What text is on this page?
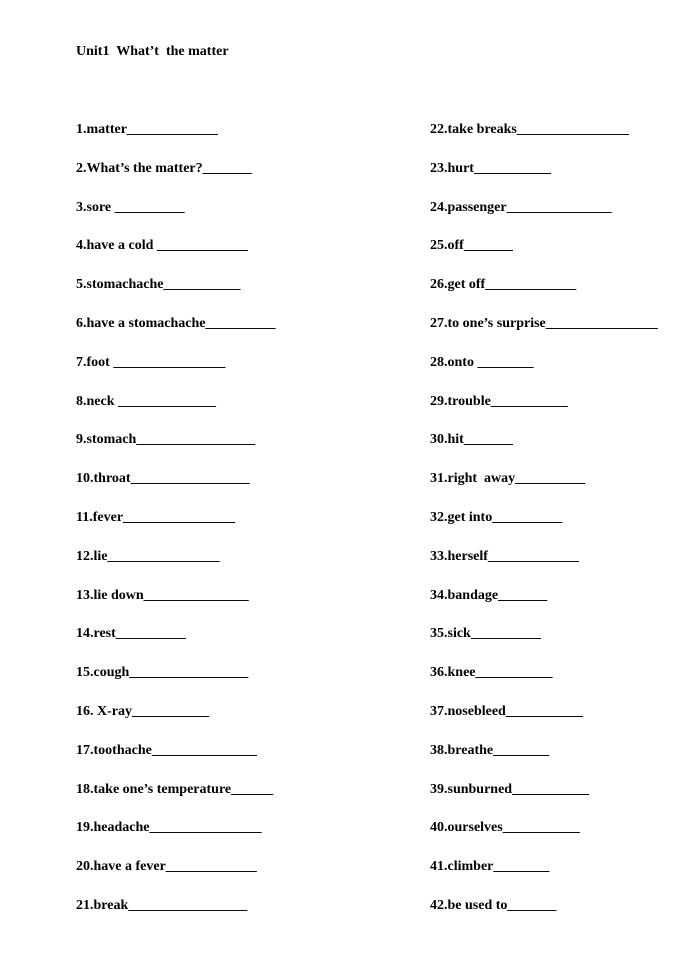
Unit1  What’t  the matter
1.matter_____________
2.What’s the matter?_______
3.sore __________
4.have a cold _____________
5.stomachache___________
6.have a stomachache__________
7.foot ________________
8.neck ______________
9.stomach_________________
10.throat_________________
11.fever________________
12.lie________________
13.lie down_______________
14.rest__________
15.cough_________________
16. X-ray___________
17.toothache_______________
18.take one’s temperature______
19.headache________________
20.have a fever_____________
21.break_________________
22.take breaks________________
23.hurt___________
24.passenger_______________
25.off_______
26.get off_____________
27.to one’s surprise________________
28.onto ________
29.trouble___________
30.hit_______
31.right  away__________
32.get into__________
33.herself_____________
34.bandage_______
35.sick__________
36.knee___________
37.nosebleed___________
38.breathe________
39.sunburned___________
40.ourselves___________
41.climber________
42.be used to_______
